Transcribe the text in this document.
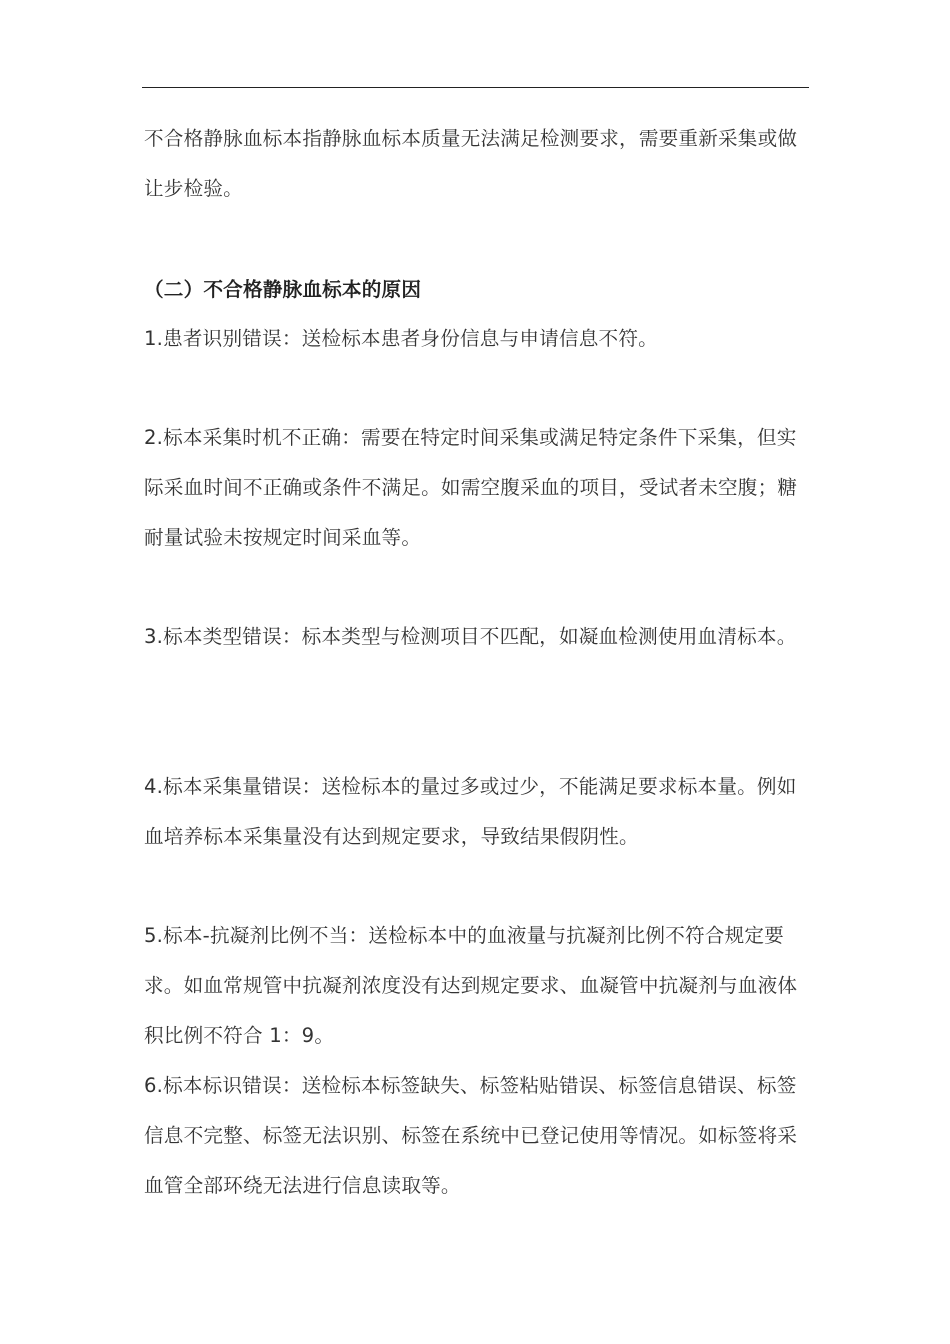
不合格静脉血标本指静脉血标本质量无法满足检测要求，需要重新采集或做让步检验。

（二）不合格静脉血标本的原因

1.患者识别错误：送检标本患者身份信息与申请信息不符。

2.标本采集时机不正确：需要在特定时间采集或满足特定条件下采集，但实际采血时间不正确或条件不满足。如需空腹采血的项目，受试者未空腹；糖耐量试验未按规定时间采血等。

3.标本类型错误：标本类型与检测项目不匹配，如凝血检测使用血清标本。

4.标本采集量错误：送检标本的量过多或过少，不能满足要求标本量。例如血培养标本采集量没有达到规定要求，导致结果假阴性。

5.标本-抗凝剂比例不当：送检标本中的血液量与抗凝剂比例不符合规定要求。如血常规管中抗凝剂浓度没有达到规定要求、血凝管中抗凝剂与血液体积比例不符合 1：9。

6.标本标识错误：送检标本标签缺失、标签粘贴错误、标签信息错误、标签信息不完整、标签无法识别、标签在系统中已登记使用等情况。如标签将采血管全部环绕无法进行信息读取等。
